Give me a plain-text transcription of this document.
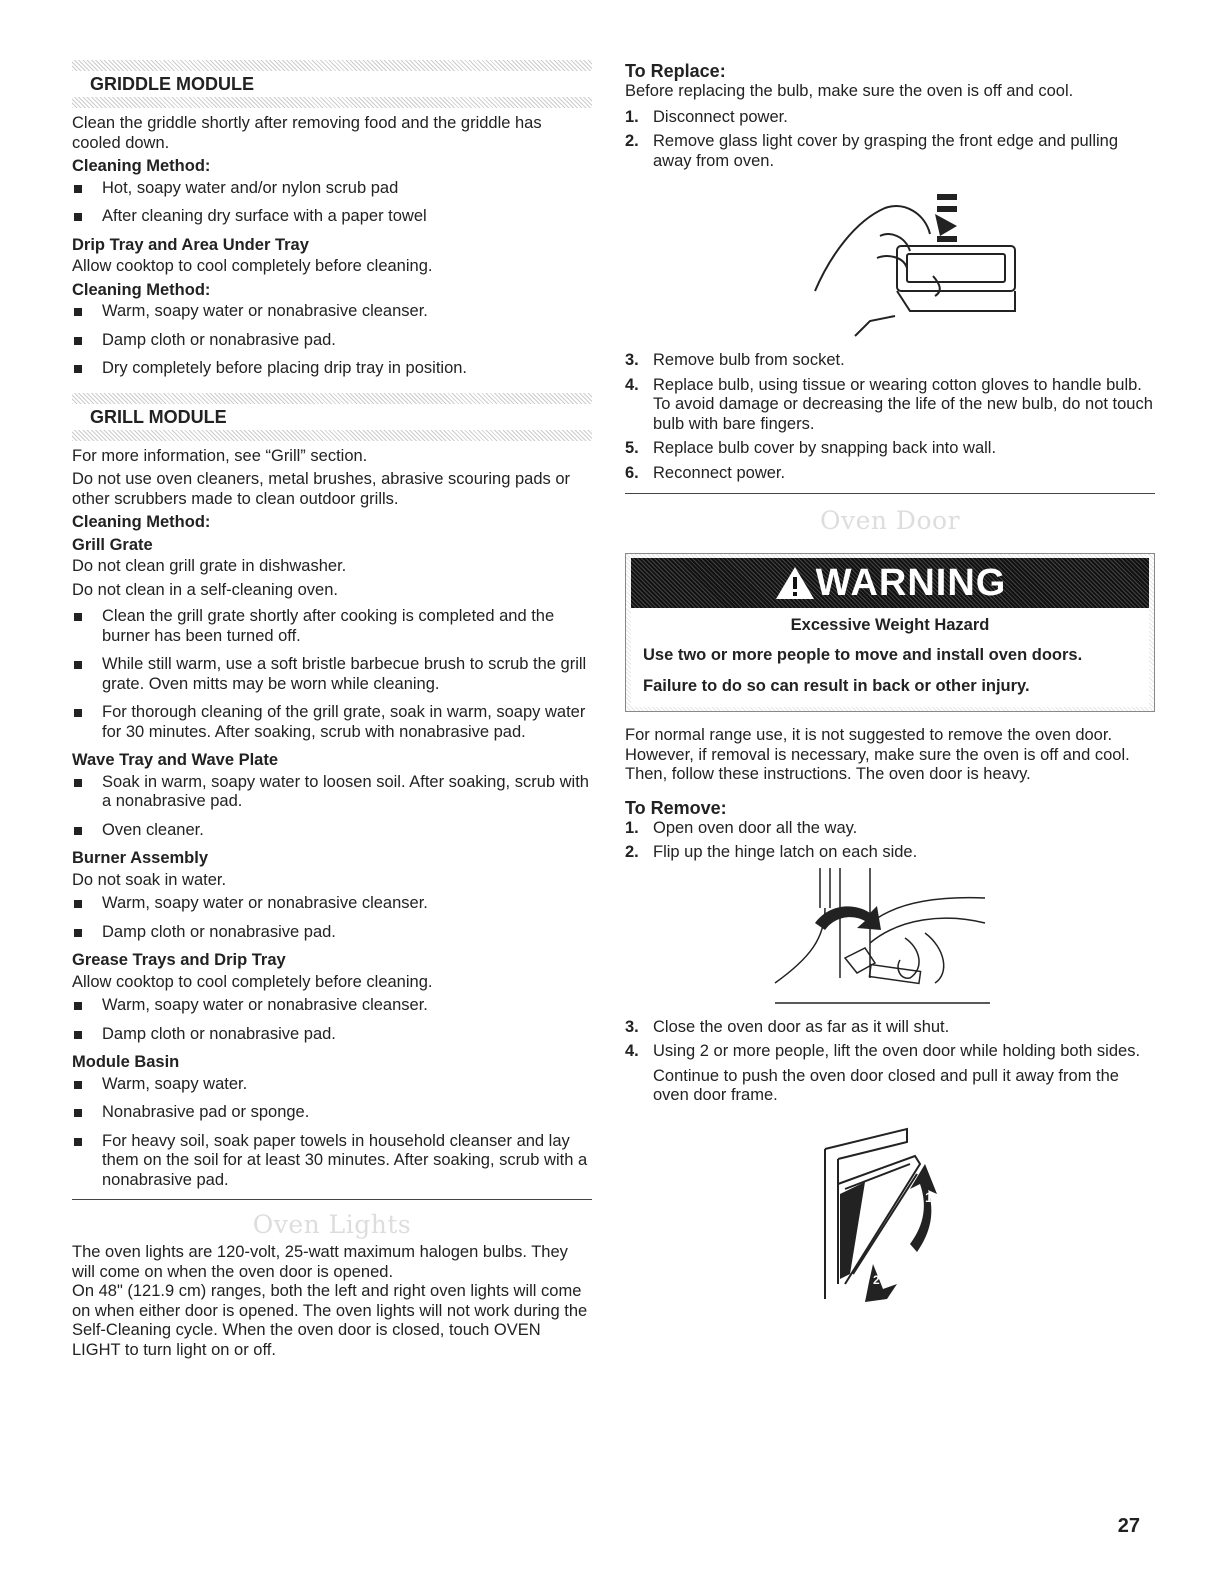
GRIDDLE MODULE

Clean the griddle shortly after removing food and the griddle has cooled down.

Cleaning Method:
Hot, soapy water and/or nylon scrub pad
After cleaning dry surface with a paper towel
Drip Tray and Area Under Tray

Allow cooktop to cool completely before cleaning.

Cleaning Method:
Warm, soapy water or nonabrasive cleanser.
Damp cloth or nonabrasive pad.
Dry completely before placing drip tray in position.
GRILL MODULE

For more information, see “Grill” section.

Do not use oven cleaners, metal brushes, abrasive scouring pads or other scrubbers made to clean outdoor grills.

Cleaning Method:
Grill Grate

Do not clean grill grate in dishwasher.

Do not clean in a self-cleaning oven.

Clean the grill grate shortly after cooking is completed and the burner has been turned off.
While still warm, use a soft bristle barbecue brush to scrub the grill grate. Oven mitts may be worn while cleaning.
For thorough cleaning of the grill grate, soak in warm, soapy water for 30 minutes. After soaking, scrub with nonabrasive pad.
Wave Tray and Wave Plate
Soak in warm, soapy water to loosen soil. After soaking, scrub with a nonabrasive pad.
Oven cleaner.
Burner Assembly

Do not soak in water.

Warm, soapy water or nonabrasive cleanser.
Damp cloth or nonabrasive pad.
Grease Trays and Drip Tray

Allow cooktop to cool completely before cleaning.

Warm, soapy water or nonabrasive cleanser.
Damp cloth or nonabrasive pad.
Module Basin
Warm, soapy water.
Nonabrasive pad or sponge.
For heavy soil, soak paper towels in household cleanser and lay them on the soil for at least 30 minutes. After soaking, scrub with a nonabrasive pad.
Oven Lights

The oven lights are 120-volt, 25-watt maximum halogen bulbs. They will come on when the oven door is opened.

On 48" (121.9 cm) ranges, both the left and right oven lights will come on when either door is opened. The oven lights will not work during the Self-Cleaning cycle. When the oven door is closed, touch OVEN LIGHT to turn light on or off.

To Replace:

Before replacing the bulb, make sure the oven is off and cool.

1. Disconnect power.
2. Remove glass light cover by grasping the front edge and pulling away from oven.
3. Remove bulb from socket.
4. Replace bulb, using tissue or wearing cotton gloves to handle bulb. To avoid damage or decreasing the life of the new bulb, do not touch bulb with bare fingers.
5. Replace bulb cover by snapping back into wall.
6. Reconnect power.
Oven Door
WARNING
Excessive Weight Hazard
Use two or more people to move and install oven doors.
Failure to do so can result in back or other injury.

For normal range use, it is not suggested to remove the oven door. However, if removal is necessary, make sure the oven is off and cool. Then, follow these instructions. The oven door is heavy.

To Remove:
1. Open oven door all the way.
2. Flip up the hinge latch on each side.
3. Close the oven door as far as it will shut.
4. Using 2 or more people, lift the oven door while holding both sides.

Continue to push the oven door closed and pull it away from the oven door frame.

1
2
27
